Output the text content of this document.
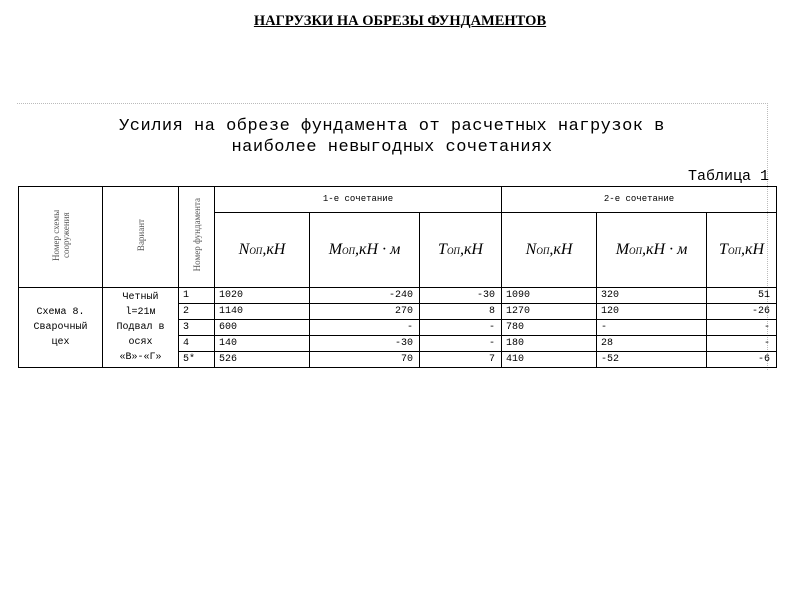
НАГРУЗКИ НА ОБРЕЗЫ ФУНДАМЕНТОВ
Усилия на обрезе фундамента от расчетных нагрузок в
наиболее невыгодных сочетаниях
Таблица 1
Номер схемы сооружения	Вариант	Номер фундамента	1-е сочетание			2-е сочетание		
			NОП,кН	MОП,кН · м	TОП,кН	NОП,кН	MОП,кН · м	TОП,кН
Схема 8. Сварочный цех	Четный l=21м Подвал в осях «В»-«Г»	1	1020	-240	-30	1090	320	51
		2	1140	270	8	1270	120	-26
		3	600	-	-	780	-	-
		4	140	-30	-	180	28	-
		5*	526	70	7	410	-52	-6
